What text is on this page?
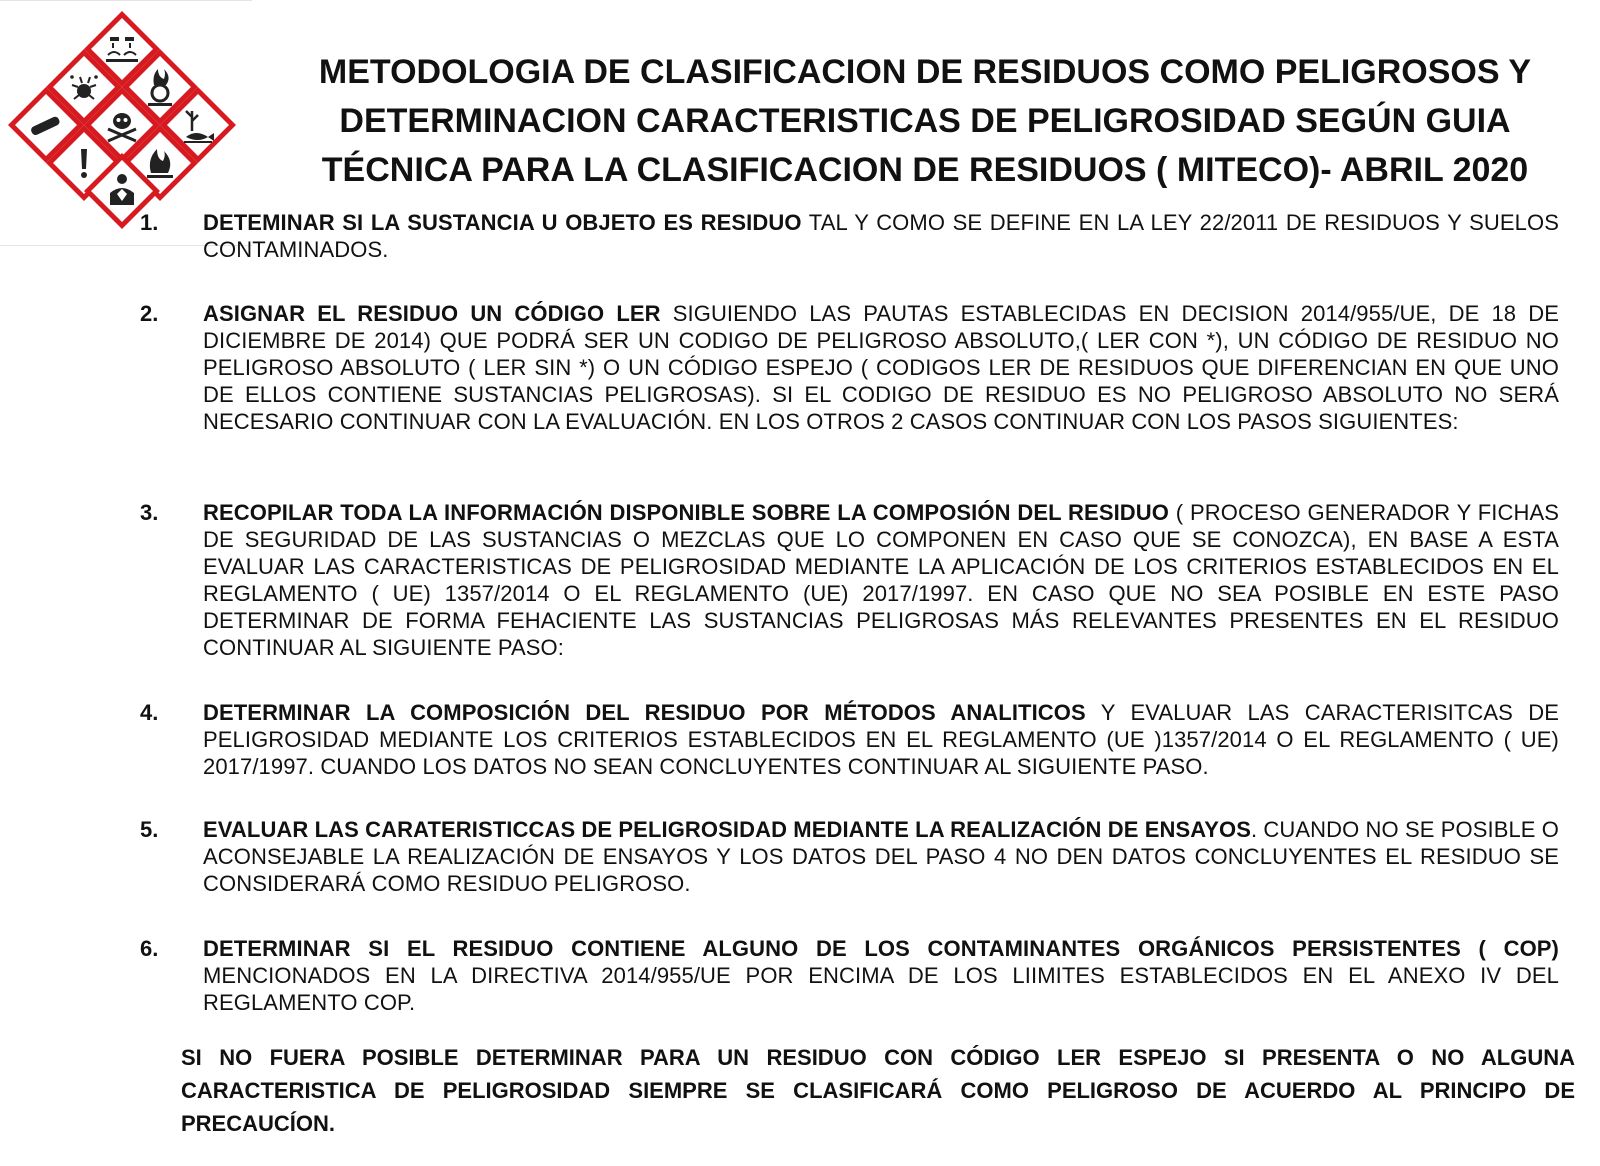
METODOLOGIA DE CLASIFICACION DE RESIDUOS COMO PELIGROSOS Y
DETERMINACION CARACTERISTICAS DE PELIGROSIDAD SEGÚN GUIA
TÉCNICA PARA LA CLASIFICACION DE RESIDUOS ( MITECO)- ABRIL 2020
1.	DETEMINAR SI LA SUSTANCIA U OBJETO ES RESIDUO TAL Y COMO SE DEFINE EN LA LEY 22/2011 DE RESIDUOS Y SUELOS CONTAMINADOS.
2.	ASIGNAR EL RESIDUO UN CÓDIGO LER SIGUIENDO LAS PAUTAS ESTABLECIDAS EN DECISION 2014/955/UE, DE 18 DE DICIEMBRE DE 2014) QUE PODRÁ SER UN CODIGO DE PELIGROSO ABSOLUTO,( LER CON *), UN CÓDIGO DE RESIDUO NO PELIGROSO ABSOLUTO ( LER SIN *) O UN CÓDIGO ESPEJO ( CODIGOS LER DE RESIDUOS QUE DIFERENCIAN EN QUE UNO DE ELLOS CONTIENE SUSTANCIAS PELIGROSAS). SI EL CODIGO DE RESIDUO ES NO PELIGROSO ABSOLUTO NO SERÁ NECESARIO CONTINUAR CON LA EVALUACIÓN. EN LOS OTROS 2 CASOS CONTINUAR CON LOS PASOS SIGUIENTES:
3.	RECOPILAR TODA LA INFORMACIÓN DISPONIBLE SOBRE LA COMPOSIÓN DEL RESIDUO ( PROCESO GENERADOR Y FICHAS DE SEGURIDAD DE LAS SUSTANCIAS O MEZCLAS QUE LO COMPONEN EN CASO QUE SE CONOZCA), EN BASE A ESTA EVALUAR LAS CARACTERISTICAS DE PELIGROSIDAD MEDIANTE LA APLICACIÓN DE LOS CRITERIOS ESTABLECIDOS EN EL REGLAMENTO ( UE) 1357/2014 O EL REGLAMENTO (UE) 2017/1997. EN CASO QUE NO SEA POSIBLE EN ESTE PASO DETERMINAR DE FORMA FEHACIENTE LAS SUSTANCIAS PELIGROSAS MÁS RELEVANTES PRESENTES EN EL RESIDUO CONTINUAR AL SIGUIENTE PASO:
4.	DETERMINAR LA COMPOSICIÓN DEL RESIDUO POR MÉTODOS ANALITICOS Y EVALUAR LAS CARACTERISITCAS DE PELIGROSIDAD MEDIANTE LOS CRITERIOS ESTABLECIDOS EN EL REGLAMENTO (UE )1357/2014 O EL REGLAMENTO ( UE) 2017/1997. CUANDO LOS DATOS NO SEAN CONCLUYENTES CONTINUAR AL SIGUIENTE PASO.
5.	EVALUAR LAS CARATERISTICCAS DE PELIGROSIDAD MEDIANTE LA REALIZACIÓN DE ENSAYOS. CUANDO NO SE POSIBLE O ACONSEJABLE LA REALIZACIÓN DE ENSAYOS Y LOS DATOS DEL PASO 4 NO DEN DATOS CONCLUYENTES EL RESIDUO SE CONSIDERARÁ COMO RESIDUO PELIGROSO.
6.	DETERMINAR SI EL RESIDUO CONTIENE ALGUNO DE LOS CONTAMINANTES ORGÁNICOS PERSISTENTES ( COP) MENCIONADOS EN LA DIRECTIVA 2014/955/UE POR ENCIMA DE LOS LIIMITES ESTABLECIDOS EN EL ANEXO IV DEL REGLAMENTO COP.
SI NO FUERA POSIBLE DETERMINAR PARA UN RESIDUO CON CÓDIGO LER ESPEJO SI PRESENTA O NO ALGUNA CARACTERISTICA DE PELIGROSIDAD SIEMPRE SE CLASIFICARÁ COMO PELIGROSO DE ACUERDO AL PRINCIPO DE PRECAUCÍON.
